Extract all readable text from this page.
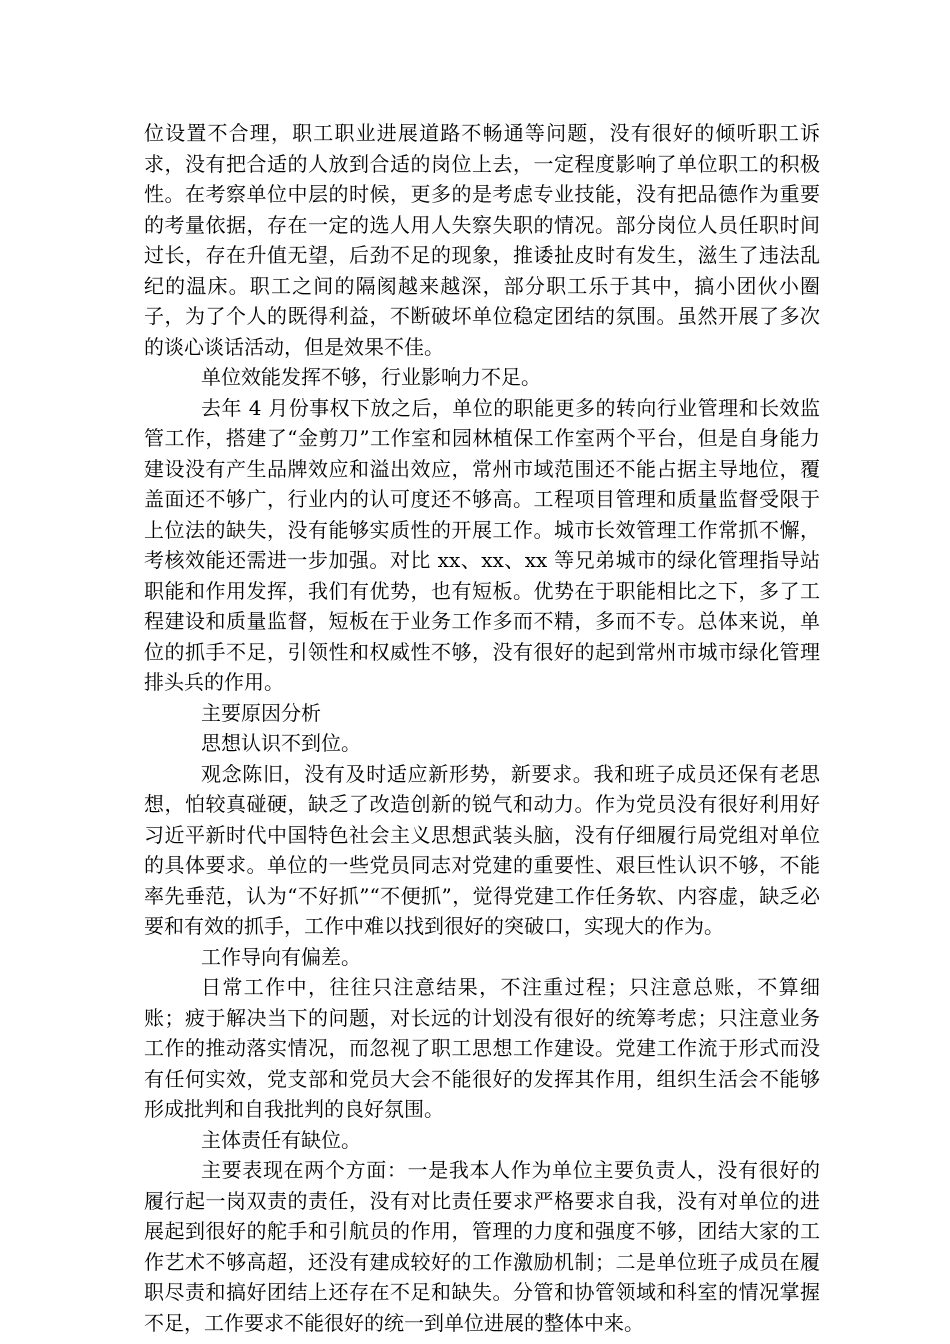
位设置不合理，职工职业进展道路不畅通等问题，没有很好的倾听职工诉求，没有把合适的人放到合适的岗位上去，一定程度影响了单位职工的积极性。在考察单位中层的时候，更多的是考虑专业技能，没有把品德作为重要的考量依据，存在一定的选人用人失察失职的情况。部分岗位人员任职时间过长，存在升值无望，后劲不足的现象，推诿扯皮时有发生，滋生了违法乱纪的温床。职工之间的隔阂越来越深，部分职工乐于其中，搞小团伙小圈子，为了个人的既得利益，不断破坏单位稳定团结的氛围。虽然开展了多次的谈心谈话活动，但是效果不佳。

单位效能发挥不够，行业影响力不足。

去年 4 月份事权下放之后，单位的职能更多的转向行业管理和长效监管工作，搭建了“金剪刀”工作室和园林植保工作室两个平台，但是自身能力建设没有产生品牌效应和溢出效应，常州市域范围还不能占据主导地位，覆盖面还不够广，行业内的认可度还不够高。工程项目管理和质量监督受限于上位法的缺失，没有能够实质性的开展工作。城市长效管理工作常抓不懈，考核效能还需进一步加强。对比 xx、xx、xx 等兄弟城市的绿化管理指导站职能和作用发挥，我们有优势，也有短板。优势在于职能相比之下，多了工程建设和质量监督，短板在于业务工作多而不精，多而不专。总体来说，单位的抓手不足，引领性和权威性不够，没有很好的起到常州市城市绿化管理排头兵的作用。

主要原因分析

思想认识不到位。

观念陈旧，没有及时适应新形势，新要求。我和班子成员还保有老思想，怕较真碰硬，缺乏了改造创新的锐气和动力。作为党员没有很好利用好习近平新时代中国特色社会主义思想武装头脑，没有仔细履行局党组对单位的具体要求。单位的一些党员同志对党建的重要性、艰巨性认识不够，不能率先垂范，认为“不好抓”“不便抓”，觉得党建工作任务软、内容虚，缺乏必要和有效的抓手，工作中难以找到很好的突破口，实现大的作为。

工作导向有偏差。

日常工作中，往往只注意结果，不注重过程；只注意总账，不算细账；疲于解决当下的问题，对长远的计划没有很好的统筹考虑；只注意业务工作的推动落实情况，而忽视了职工思想工作建设。党建工作流于形式而没有任何实效，党支部和党员大会不能很好的发挥其作用，组织生活会不能够形成批判和自我批判的良好氛围。

主体责任有缺位。

主要表现在两个方面：一是我本人作为单位主要负责人，没有很好的履行起一岗双责的责任，没有对比责任要求严格要求自我，没有对单位的进展起到很好的舵手和引航员的作用，管理的力度和强度不够，团结大家的工作艺术不够高超，还没有建成较好的工作激励机制；二是单位班子成员在履职尽责和搞好团结上还存在不足和缺失。分管和协管领域和科室的情况掌握不足，工作要求不能很好的统一到单位进展的整体中来。
